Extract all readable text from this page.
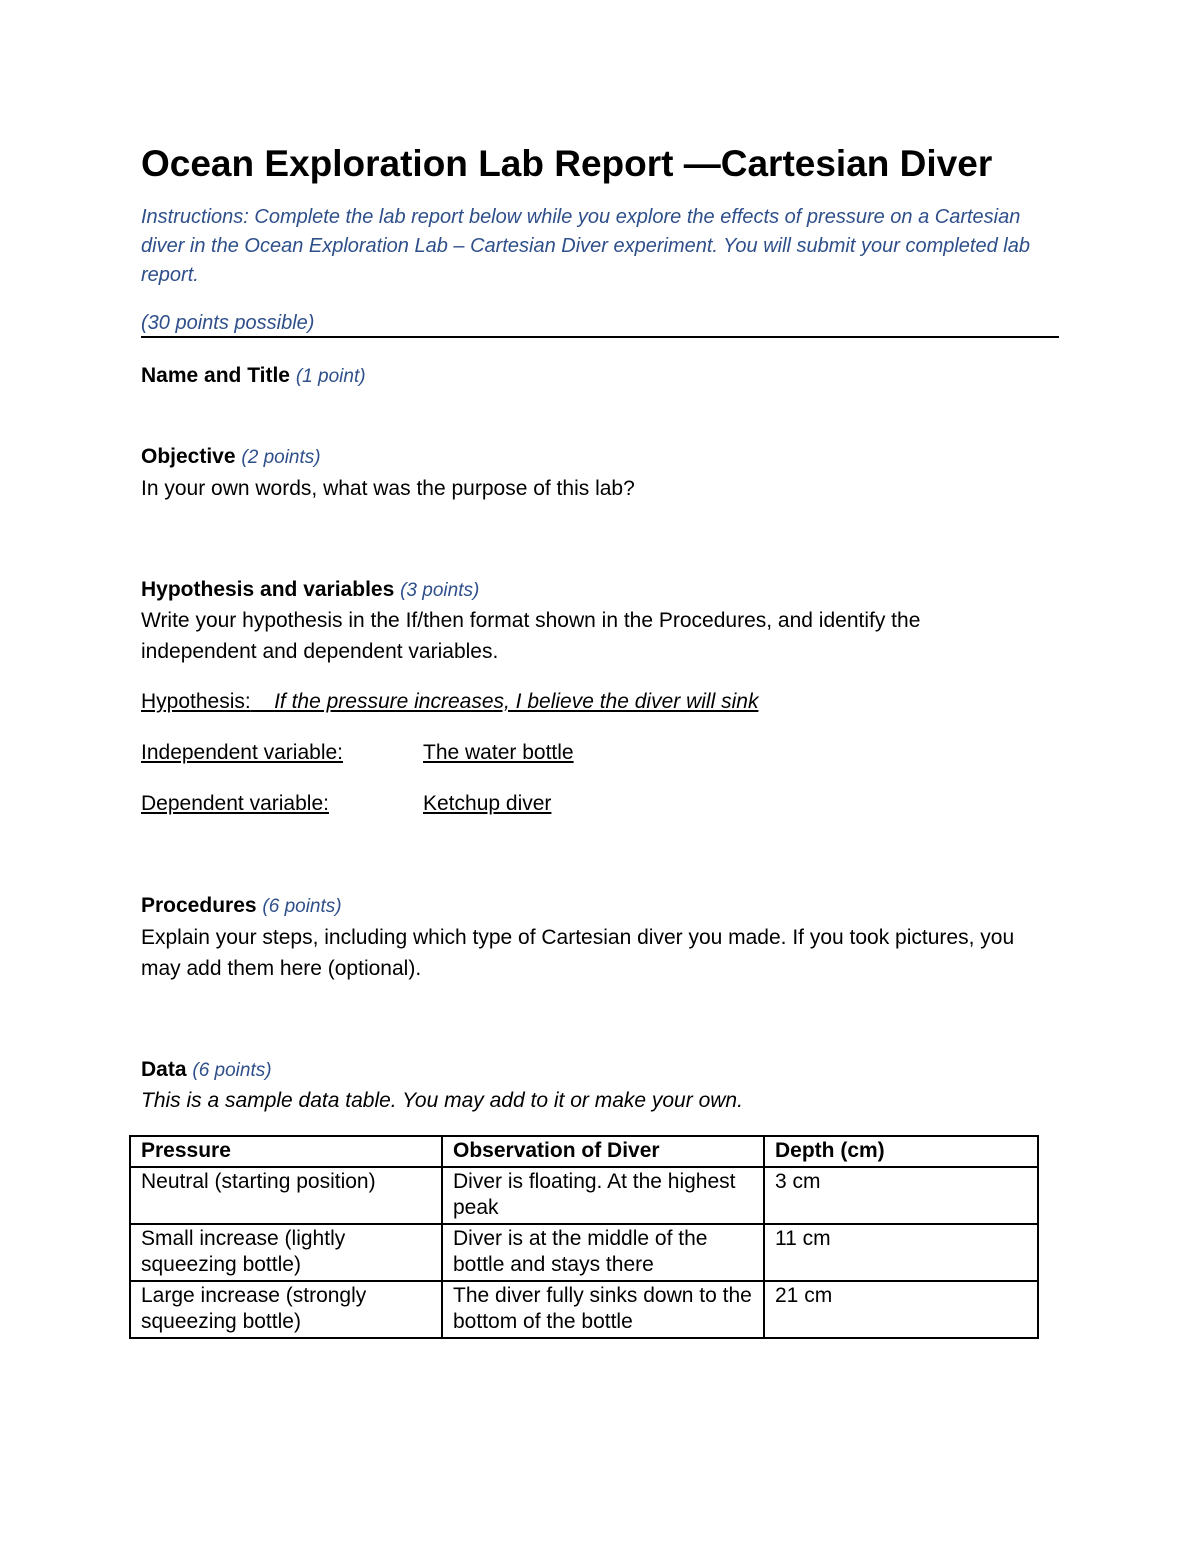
Ocean Exploration Lab Report —Cartesian Diver
Instructions: Complete the lab report below while you explore the effects of pressure on a Cartesian diver in the Ocean Exploration Lab – Cartesian Diver experiment. You will submit your completed lab report.
(30 points possible)
Name and Title (1 point)
Objective (2 points)
In your own words, what was the purpose of this lab?
Hypothesis and variables (3 points)
Write your hypothesis in the If/then format shown in the Procedures, and identify the independent and dependent variables.
Hypothesis: If the pressure increases, I believe the diver will sink
Independent variable:	The water bottle
Dependent variable:	Ketchup diver
Procedures (6 points)
Explain your steps, including which type of Cartesian diver you made. If you took pictures, you may add them here (optional).
Data (6 points)
This is a sample data table. You may add to it or make your own.
Pressure	Observation of Diver	Depth (cm)
Neutral (starting position)	Diver is floating. At the highest peak	3 cm
Small increase (lightly squeezing bottle)	Diver is at the middle of the bottle and stays there	11 cm
Large increase (strongly squeezing bottle)	The diver fully sinks down to the bottom of the bottle	21 cm
